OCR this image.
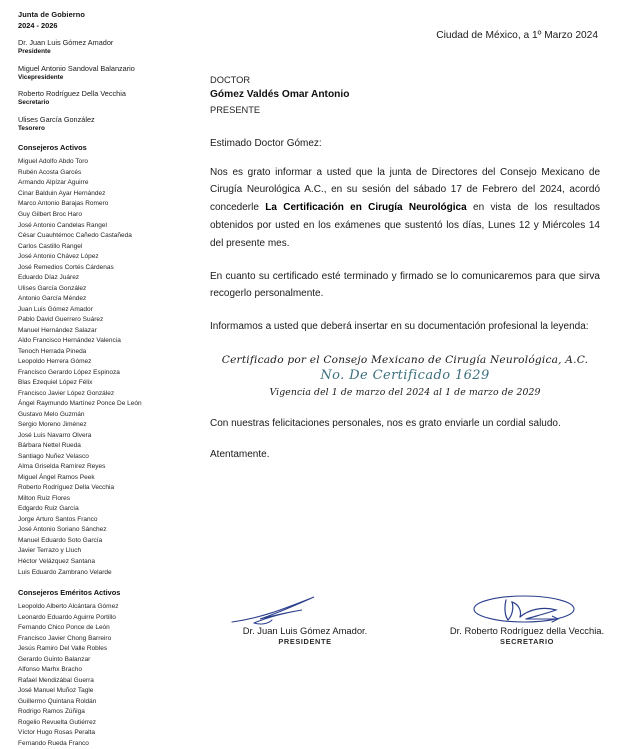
Junta de Gobierno
2024 - 2026
Dr. Juan Luis Gómez Amador
Presidente
Miguel Antonio Sandoval Balanzario
Vicepresidente
Roberto Rodríguez Della Vecchia
Secretario
Ulises García González
Tesorero
Consejeros Activos
Miguel Adolfo Abdo Toro
Rubén Acosta Garcés
Armando Alpízar Aguirre
Cinar Balduin Ayar Hernández
Marco Antonio Barajas Romero
Guy Gilbert Broc Haro
José Antonio Candelas Rangel
César Cuauhtémoc Cañedo Castañeda
Carlos Castillo Rangel
José Antonio Chávez López
José Remedios Cortés Cárdenas
Eduardo Díaz Juárez
Ulises García González
Antonio García Méndez
Juan Luis Gómez Amador
Pablo David Guerrero Suárez
Manuel Hernández Salazar
Aldo Francisco Hernández Valencia
Tenoch Herrada Pineda
Leopoldo Herrera Gómez
Francisco Gerardo López Espinoza
Blas Ezequiel López Félix
Francisco Javier López González
Ángel Raymundo Martínez Ponce De León
Gustavo Melo Guzmán
Sergio Moreno Jiménez
José Luis Navarro Olvera
Bárbara Nettel Rueda
Santiago Nuñez Velasco
Alma Griselda Ramírez Reyes
Miguel Ángel Ramos Peek
Roberto Rodríguez Della Vecchia
Milton Ruiz Flores
Edgardo Ruiz García
Jorge Arturo Santos Franco
José Antonio Soriano Sánchez
Manuel Eduardo Soto García
Javier Terrazo y Lluch
Héctor Velázquez Santana
Luis Eduardo Zambrano Velarde
Consejeros Eméritos Activos
Leopoldo Alberto Alcántara Gómez
Leonardo Eduardo Aguirre Portillo
Fernando Chico Ponce de León
Francisco Javier Chong Barreiro
Jesús Ramiro Del Valle Robles
Gerardo Guinto Balanzar
Alfonso Marhx Bracho
Rafael Mendizábal Guerra
José Manuel Muñoz Tagle
Guillermo Quintana Roldán
Rodrigo Ramos Zúñiga
Rogelio Revuelta Gutiérrez
Víctor Hugo Rosas Peralta
Fernando Rueda Franco
Ciudad de México, a 1º Marzo 2024
DOCTOR
Gómez Valdés Omar Antonio
PRESENTE
Estimado Doctor Gómez:
Nos es grato informar a usted que la junta de Directores del Consejo Mexicano de Cirugía Neurológica A.C., en su sesión del sábado 17 de Febrero del 2024, acordó concederle La Certificación en Cirugía Neurológica en vista de los resultados obtenidos por usted en los exámenes que sustentó los días, Lunes 12 y Miércoles 14 del presente mes.
En cuanto su certificado esté terminado y firmado se lo comunicaremos para que sirva recogerlo personalmente.
Informamos a usted que deberá insertar en su documentación profesional la leyenda:
Certificado por el Consejo Mexicano de Cirugía Neurológica, A.C.
No. De Certificado 1629
Vigencia del 1 de marzo del 2024 al 1 de marzo de 2029
Con nuestras felicitaciones personales, nos es grato enviarle un cordial saludo.
Atentamente.
Dr. Juan Luis Gómez Amador.
PRESIDENTE
Dr. Roberto Rodríguez della Vecchia.
SECRETARIO
